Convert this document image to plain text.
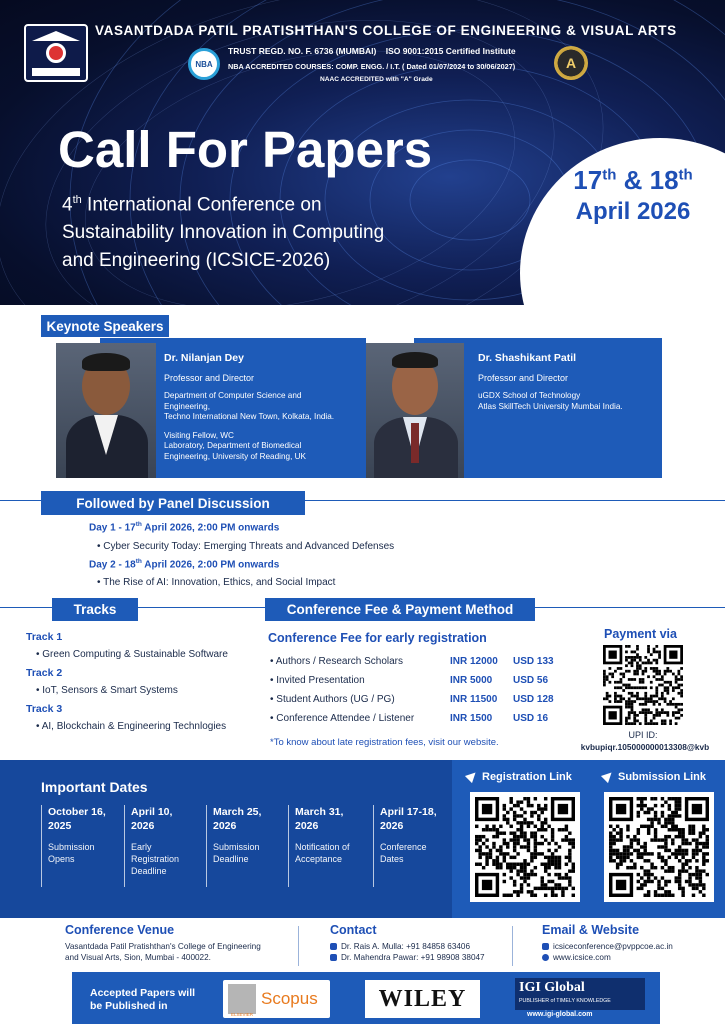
VASANTDADA PATIL PRATISHTHAN'S COLLEGE OF ENGINEERING & VISUAL ARTS
NBA
TRUST REGD. NO. F. 6736 (MUMBAI)    ISO 9001:2015 Certified Institute
NBA ACCREDITED COURSES: COMP. ENGG. / I.T. ( Dated 01/07/2024 to 30/06/2027)
NAAC ACCREDITED with "A" Grade
A
Call For Papers
4th International Conference on
Sustainability Innovation in Computing
and Engineering (ICSICE-2026)
17th & 18th
April 2026
09:00 AM – 05:00 PM
(GMT+5:30)
Keynote Speakers
Dr. Nilanjan Dey
Professor and Director
Department of Computer Science and
Engineering,
Techno International New Town, Kolkata, India.
Visiting Fellow, WC
Laboratory, Department of Biomedical
Engineering, University of Reading, UK
Dr. Shashikant Patil
Professor and Director
uGDX School of Technology
Atlas SkillTech University Mumbai India.
Followed by Panel Discussion
Day 1 - 17th April 2026, 2:00 PM onwards
• Cyber Security Today: Emerging Threats and Advanced Defenses
Day 2 - 18th April 2026, 2:00 PM onwards
• The Rise of AI: Innovation, Ethics, and Social Impact
Tracks
Track 1
• Green Computing & Sustainable Software
Track 2
• IoT, Sensors & Smart Systems
Track 3
• AI, Blockchain & Engineering Technlogies
Conference Fee & Payment Method
Conference Fee for early registration
• Authors / Research Scholars	INR 12000 USD 133
• Invited Presentation	INR 5000 USD 56
• Student Authors (UG / PG)	INR 11500 USD 128
• Conference Attendee / Listener	INR 1500 USD 16
*To know about late registration fees, visit our website.
Payment via
UPI ID:
kvbupiqr.105000000013308@kvb
Important Dates
October 16,
2025
Submission
Opens
April 10,
2026
Early
Registration
Deadline
March 25,
2026
Submission
Deadline
March 31,
2026
Notification of
Acceptance
April 17-18,
2026
Conference
Dates
Registration Link	Submission Link
Conference Venue
Vasantdada Patil Pratishthan's College of Engineering
and Visual Arts, Sion, Mumbai - 400022.
Contact
Dr. Rais A. Mulla: +91 84858 63406
Dr. Mahendra Pawar: +91 98908 38047
Email & Website
icsiceconference@pvppcoe.ac.in
www.icsice.com
Accepted Papers will
be Published in
ELSEVIER
Scopus	WILEY	IGI Global
PUBLISHER of TIMELY KNOWLEDGE
www.igi-global.com
